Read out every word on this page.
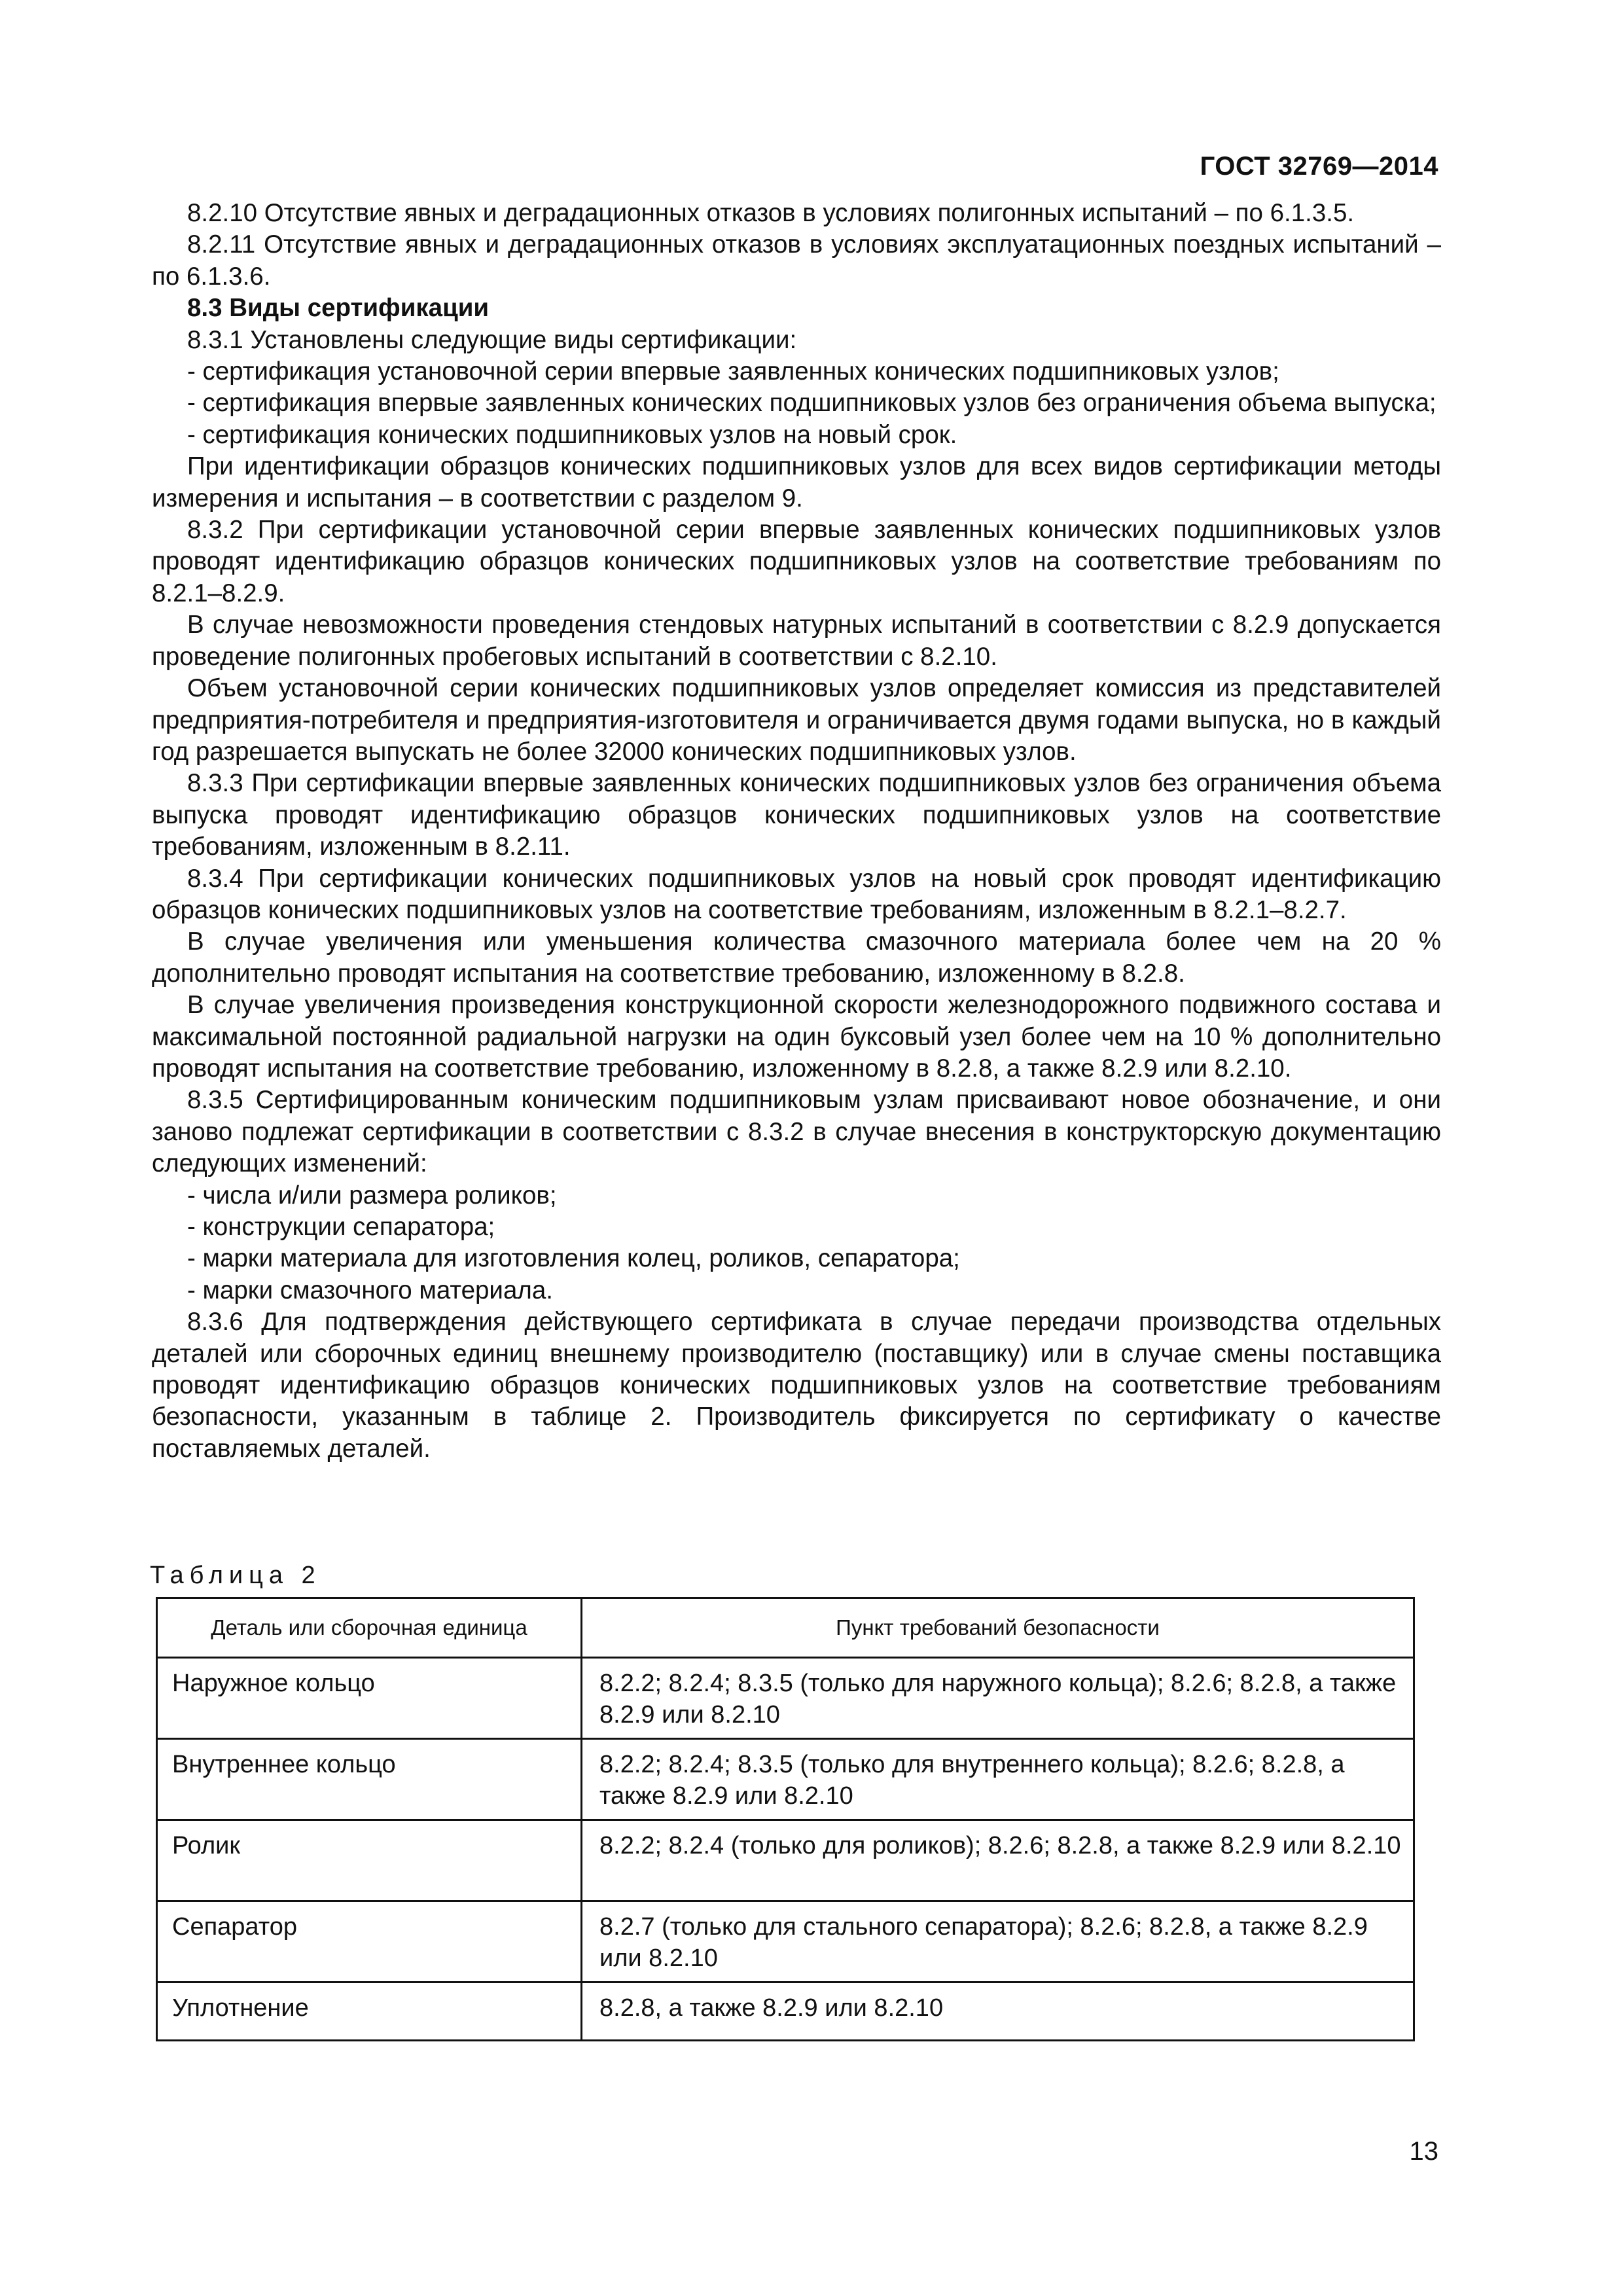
ГОСТ 32769—2014

8.2.10 Отсутствие явных и деградационных отказов в условиях полигонных испытаний – по 6.1.3.5.

8.2.11 Отсутствие явных и деградационных отказов в условиях эксплуатационных поездных испытаний – по 6.1.3.6.

8.3 Виды сертификации

8.3.1 Установлены следующие виды сертификации:

- сертификация установочной серии впервые заявленных конических подшипниковых узлов;

- сертификация впервые заявленных конических подшипниковых узлов без ограничения объема выпуска;

- сертификация конических подшипниковых узлов на новый срок.

При идентификации образцов конических подшипниковых узлов для всех видов сертификации методы измерения и испытания – в соответствии с разделом 9.

8.3.2 При сертификации установочной серии впервые заявленных конических подшипниковых узлов проводят идентификацию образцов конических подшипниковых узлов на соответствие требованиям по 8.2.1–8.2.9.

В случае невозможности проведения стендовых натурных испытаний в соответствии с 8.2.9 допускается проведение полигонных пробеговых испытаний в соответствии с 8.2.10.

Объем установочной серии конических подшипниковых узлов определяет комиссия из представителей предприятия-потребителя и предприятия-изготовителя и ограничивается двумя годами выпуска, но в каждый год разрешается выпускать не более 32000 конических подшипниковых узлов.

8.3.3 При сертификации впервые заявленных конических подшипниковых узлов без ограничения объема выпуска проводят идентификацию образцов конических подшипниковых узлов на соответствие требованиям, изложенным в 8.2.11.

8.3.4 При сертификации конических подшипниковых узлов на новый срок проводят идентификацию образцов конических подшипниковых узлов на соответствие требованиям, изложенным в 8.2.1–8.2.7.

В случае увеличения или уменьшения количества смазочного материала более чем на 20 % дополнительно проводят испытания на соответствие требованию, изложенному в 8.2.8.

В случае увеличения произведения конструкционной скорости железнодорожного подвижного состава и максимальной постоянной радиальной нагрузки на один буксовый узел более чем на 10 % дополнительно проводят испытания на соответствие требованию, изложенному в 8.2.8, а также 8.2.9 или 8.2.10.

8.3.5 Сертифицированным коническим подшипниковым узлам присваивают новое обозначение, и они заново подлежат сертификации в соответствии с 8.3.2 в случае внесения в конструкторскую документацию следующих изменений:

- числа и/или размера роликов;

- конструкции сепаратора;

- марки материала для изготовления колец, роликов, сепаратора;

- марки смазочного материала.

8.3.6 Для подтверждения действующего сертификата в случае передачи производства отдельных деталей или сборочных единиц внешнему производителю (поставщику) или в случае смены поставщика проводят идентификацию образцов конических подшипниковых узлов на соответствие требованиям безопасности, указанным в таблице 2. Производитель фиксируется по сертификату о качестве поставляемых деталей.

Таблица 2
Деталь или сборочная единица	Пункт требований безопасности
Наружное кольцо	8.2.2; 8.2.4; 8.3.5 (только для наружного кольца); 8.2.6; 8.2.8, а также 8.2.9 или 8.2.10
Внутреннее кольцо	8.2.2; 8.2.4; 8.3.5 (только для внутреннего кольца); 8.2.6; 8.2.8, а также 8.2.9 или 8.2.10
Ролик	8.2.2; 8.2.4 (только для роликов); 8.2.6; 8.2.8, а также 8.2.9 или 8.2.10
Сепаратор	8.2.7 (только для стального сепаратора); 8.2.6; 8.2.8, а также 8.2.9 или 8.2.10
Уплотнение	8.2.8, а также 8.2.9 или 8.2.10
13
